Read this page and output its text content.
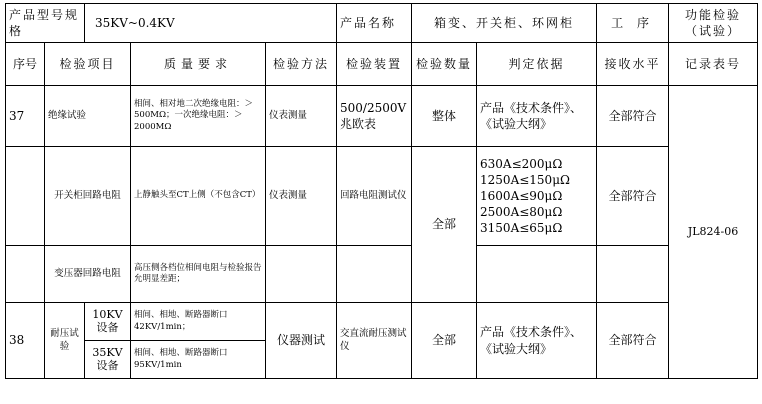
产品型号规格		35KV~0.4KV			产品名称	箱变、开关柜、环网柜		工 序	功能检验（试验）
序号	检验项目		质量要求	检验方法	检验装置	检验数量	判定依据	接收水平	记录表号
37	绝缘试验		相间、相对地二次绝缘电阻：＞500MΩ；一次绝缘电阻：＞2000MΩ	仪表测量	500/2500V兆欧表	整体	产品《技术条件》、《试验大纲》	全部符合	JL824-06
	开关柜回路电阻		上静触头至CT上侧（不包含CT）	仪表测量	回路电阻测试仪	全部	630A≤200μΩ
1250A≤150μΩ
1600A≤90μΩ
2500A≤80μΩ
3150A≤65μΩ	全部符合	
	变压器回路电阻		高压侧各档位相间电阻与检验报告允明显差距；						
38	耐压试验	10KV设备	相间、相地、断路器断口42KV/1min；	仪器测试	交直流耐压测试仪	全部	产品《技术条件》、《试验大纲》	全部符合	
		35KV设备	相间、相地、断路器断口95KV/1min						
